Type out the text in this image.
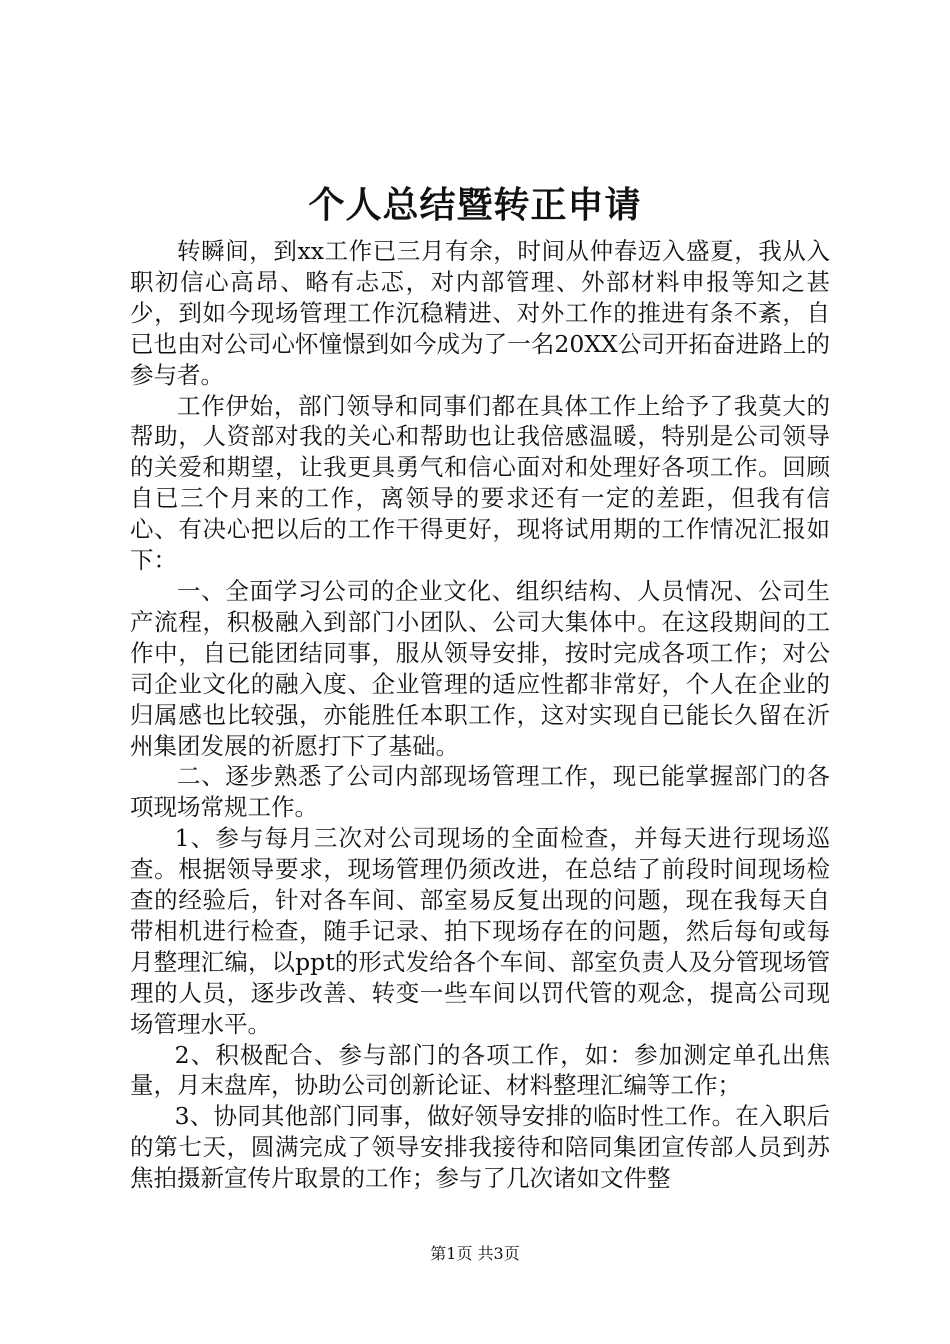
个人总结暨转正申请

转瞬间，到xx工作已三月有余，时间从仲春迈入盛夏，我从入职初信心高昂、略有忐忑，对内部管理、外部材料申报等知之甚少，到如今现场管理工作沉稳精进、对外工作的推进有条不紊，自已也由对公司心怀憧憬到如今成为了一名20XX公司开拓奋进路上的参与者。

工作伊始，部门领导和同事们都在具体工作上给予了我莫大的帮助，人资部对我的关心和帮助也让我倍感温暖，特别是公司领导的关爱和期望，让我更具勇气和信心面对和处理好各项工作。回顾自已三个月来的工作，离领导的要求还有一定的差距，但我有信心、有决心把以后的工作干得更好，现将试用期的工作情况汇报如下：

一、全面学习公司的企业文化、组织结构、人员情况、公司生产流程，积极融入到部门小团队、公司大集体中。在这段期间的工作中，自已能团结同事，服从领导安排，按时完成各项工作；对公司企业文化的融入度、企业管理的适应性都非常好，个人在企业的归属感也比较强，亦能胜任本职工作，这对实现自已能长久留在沂州集团发展的祈愿打下了基础。

二、逐步熟悉了公司内部现场管理工作，现已能掌握部门的各项现场常规工作。

1、参与每月三次对公司现场的全面检查，并每天进行现场巡查。根据领导要求，现场管理仍须改进，在总结了前段时间现场检查的经验后，针对各车间、部室易反复出现的问题，现在我每天自带相机进行检查，随手记录、拍下现场存在的问题，然后每旬或每月整理汇编，以ppt的形式发给各个车间、部室负责人及分管现场管理的人员，逐步改善、转变一些车间以罚代管的观念，提高公司现场管理水平。

2、积极配合、参与部门的各项工作，如：参加测定单孔出焦量，月末盘库，协助公司创新论证、材料整理汇编等工作；

3、协同其他部门同事，做好领导安排的临时性工作。在入职后的第七天，圆满完成了领导安排我接待和陪同集团宣传部人员到苏焦拍摄新宣传片取景的工作；参与了几次诸如文件整

第1页 共3页
